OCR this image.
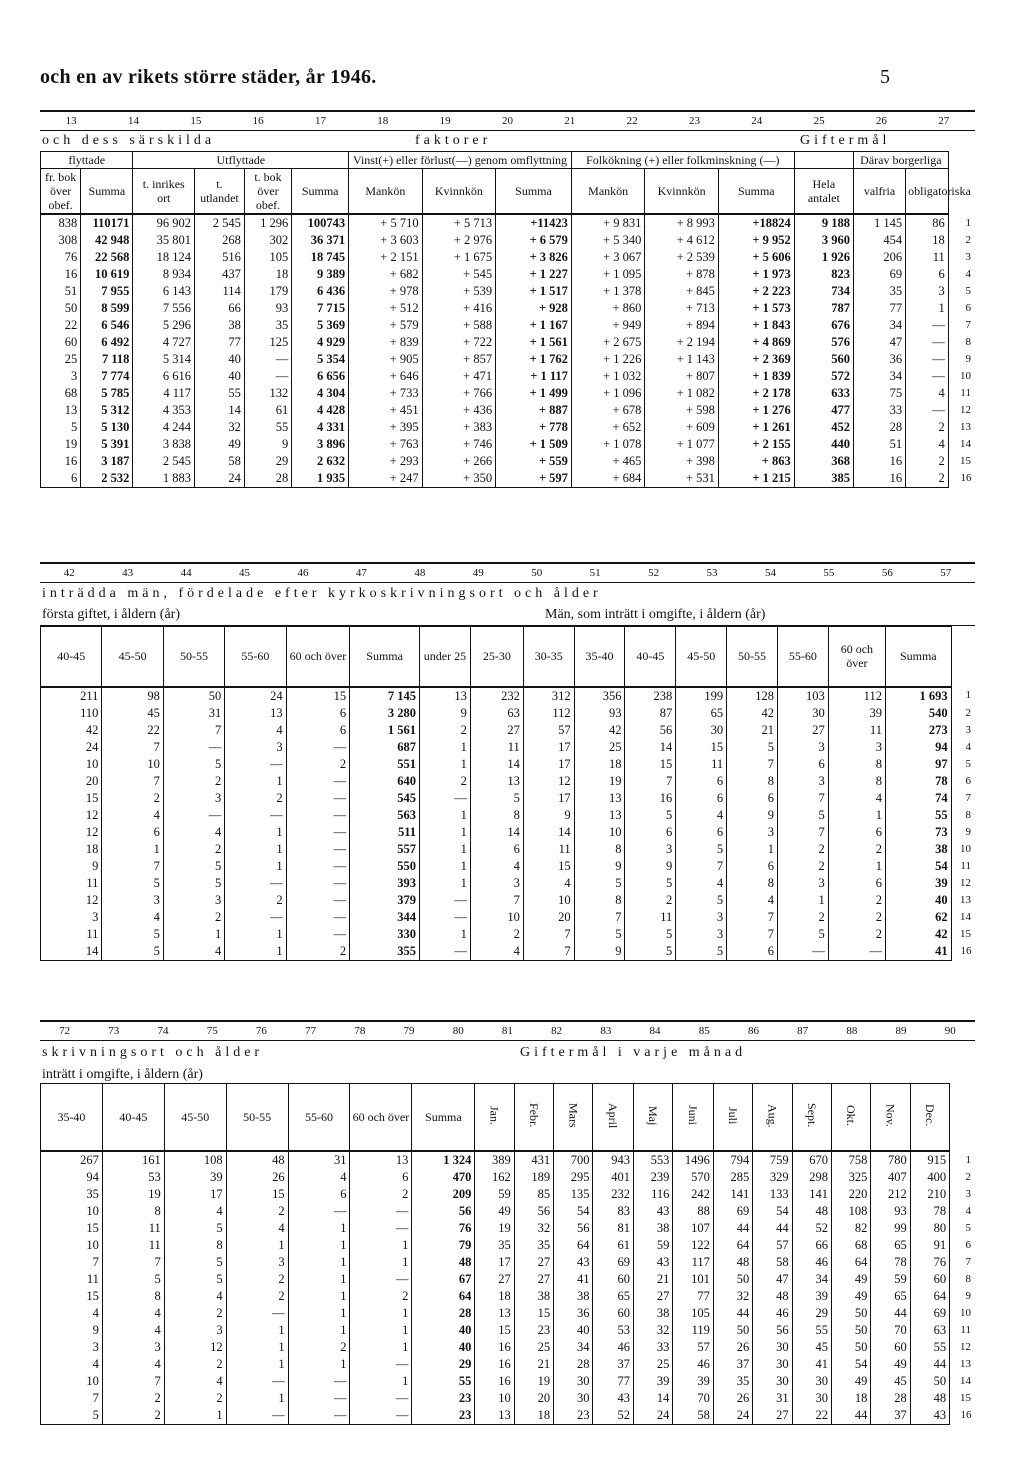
och en av rikets större städer, år 1946.	5
13	14	15	16	17	18	19	20	21	22	23	24	25	26	27
och dess särskilda	faktorer	Giftermål
flyttade		Utflyttade				Vinst(+) eller förlust(—) genom omflyttning			Folkökning (+) eller folkminskning (—)				Därav borgerliga		
fr. bok över obef.	Summa	t. inrikes ort	t. utlandet	t. bok över obef.	Summa	Mankön	Kvinnkön	Summa	Mankön	Kvinnkön	Summa	Hela antalet	valfria	obligatoriska	
838	110171	96 902	2 545	1 296	100743	+ 5 710	+ 5 713	+11423	+ 9 831	+ 8 993	+18824	9 188	1 145	86	1
308	42 948	35 801	268	302	36 371	+ 3 603	+ 2 976	+ 6 579	+ 5 340	+ 4 612	+ 9 952	3 960	454	18	2
76	22 568	18 124	516	105	18 745	+ 2 151	+ 1 675	+ 3 826	+ 3 067	+ 2 539	+ 5 606	1 926	206	11	3
16	10 619	8 934	437	18	9 389	+ 682	+ 545	+ 1 227	+ 1 095	+ 878	+ 1 973	823	69	6	4
51	7 955	6 143	114	179	6 436	+ 978	+ 539	+ 1 517	+ 1 378	+ 845	+ 2 223	734	35	3	5
50	8 599	7 556	66	93	7 715	+ 512	+ 416	+ 928	+ 860	+ 713	+ 1 573	787	77	1	6
22	6 546	5 296	38	35	5 369	+ 579	+ 588	+ 1 167	+ 949	+ 894	+ 1 843	676	34	—	7
60	6 492	4 727	77	125	4 929	+ 839	+ 722	+ 1 561	+ 2 675	+ 2 194	+ 4 869	576	47	—	8
25	7 118	5 314	40	—	5 354	+ 905	+ 857	+ 1 762	+ 1 226	+ 1 143	+ 2 369	560	36	—	9
3	7 774	6 616	40	—	6 656	+ 646	+ 471	+ 1 117	+ 1 032	+ 807	+ 1 839	572	34	—	10
68	5 785	4 117	55	132	4 304	+ 733	+ 766	+ 1 499	+ 1 096	+ 1 082	+ 2 178	633	75	4	11
13	5 312	4 353	14	61	4 428	+ 451	+ 436	+ 887	+ 678	+ 598	+ 1 276	477	33	—	12
5	5 130	4 244	32	55	4 331	+ 395	+ 383	+ 778	+ 652	+ 609	+ 1 261	452	28	2	13
19	5 391	3 838	49	9	3 896	+ 763	+ 746	+ 1 509	+ 1 078	+ 1 077	+ 2 155	440	51	4	14
16	3 187	2 545	58	29	2 632	+ 293	+ 266	+ 559	+ 465	+ 398	+ 863	368	16	2	15
6	2 532	1 883	24	28	1 935	+ 247	+ 350	+ 597	+ 684	+ 531	+ 1 215	385	16	2	16
42	43	44	45	46	47	48	49	50	51	52	53	54	55	56	57
inträdda män, fördelade efter kyrkoskrivningsort och ålder
första giftet, i åldern (år)	Män, som inträtt i omgifte, i åldern (år)
40-45	45-50	50-55	55-60	60 och över	Summa	under 25	25-30	30-35	35-40	40-45	45-50	50-55	55-60	60 och över	Summa	
211	98	50	24	15	7 145	13	232	312	356	238	199	128	103	112	1 693	1
110	45	31	13	6	3 280	9	63	112	93	87	65	42	30	39	540	2
42	22	7	4	6	1 561	2	27	57	42	56	30	21	27	11	273	3
24	7	—	3	—	687	1	11	17	25	14	15	5	3	3	94	4
10	10	5	—	2	551	1	14	17	18	15	11	7	6	8	97	5
20	7	2	1	—	640	2	13	12	19	7	6	8	3	8	78	6
15	2	3	2	—	545	—	5	17	13	16	6	6	7	4	74	7
12	4	—	—	—	563	1	8	9	13	5	4	9	5	1	55	8
12	6	4	1	—	511	1	14	14	10	6	6	3	7	6	73	9
18	1	2	1	—	557	1	6	11	8	3	5	1	2	2	38	10
9	7	5	1	—	550	1	4	15	9	9	7	6	2	1	54	11
11	5	5	—	—	393	1	3	4	5	5	4	8	3	6	39	12
12	3	3	2	—	379	—	7	10	8	2	5	4	1	2	40	13
3	4	2	—	—	344	—	10	20	7	11	3	7	2	2	62	14
11	5	1	1	—	330	1	2	7	5	5	3	7	5	2	42	15
14	5	4	1	2	355	—	4	7	9	5	5	6	—	—	41	16
72	73	74	75	76	77	78	79	80	81	82	83	84	85	86	87	88	89	90
skrivningsort och ålder	Giftermål i varje månad
inträtt i omgifte, i åldern (år)
35-40	40-45	45-50	50-55	55-60	60 och över	Summa	Jan.	Febr.	Mars	April	Maj	Juni	Juli	Aug.	Sept.	Okt.	Nov.	Dec.	
267	161	108	48	31	13	1 324	389	431	700	943	553	1496	794	759	670	758	780	915	1
94	53	39	26	4	6	470	162	189	295	401	239	570	285	329	298	325	407	400	2
35	19	17	15	6	2	209	59	85	135	232	116	242	141	133	141	220	212	210	3
10	8	4	2	—	—	56	49	56	54	83	43	88	69	54	48	108	93	78	4
15	11	5	4	1	—	76	19	32	56	81	38	107	44	44	52	82	99	80	5
10	11	8	1	1	1	79	35	35	64	61	59	122	64	57	66	68	65	91	6
7	7	5	3	1	1	48	17	27	43	69	43	117	48	58	46	64	78	76	7
11	5	5	2	1	—	67	27	27	41	60	21	101	50	47	34	49	59	60	8
15	8	4	2	1	2	64	18	38	38	65	27	77	32	48	39	49	65	64	9
4	4	2	—	1	1	28	13	15	36	60	38	105	44	46	29	50	44	69	10
9	4	3	1	1	1	40	15	23	40	53	32	119	50	56	55	50	70	63	11
3	3	12	1	2	1	40	16	25	34	46	33	57	26	30	45	50	60	55	12
4	4	2	1	1	—	29	16	21	28	37	25	46	37	30	41	54	49	44	13
10	7	4	—	—	1	55	16	19	30	77	39	39	35	30	30	49	45	50	14
7	2	2	1	—	—	23	10	20	30	43	14	70	26	31	30	18	28	48	15
5	2	1	—	—	—	23	13	18	23	52	24	58	24	27	22	44	37	43	16
